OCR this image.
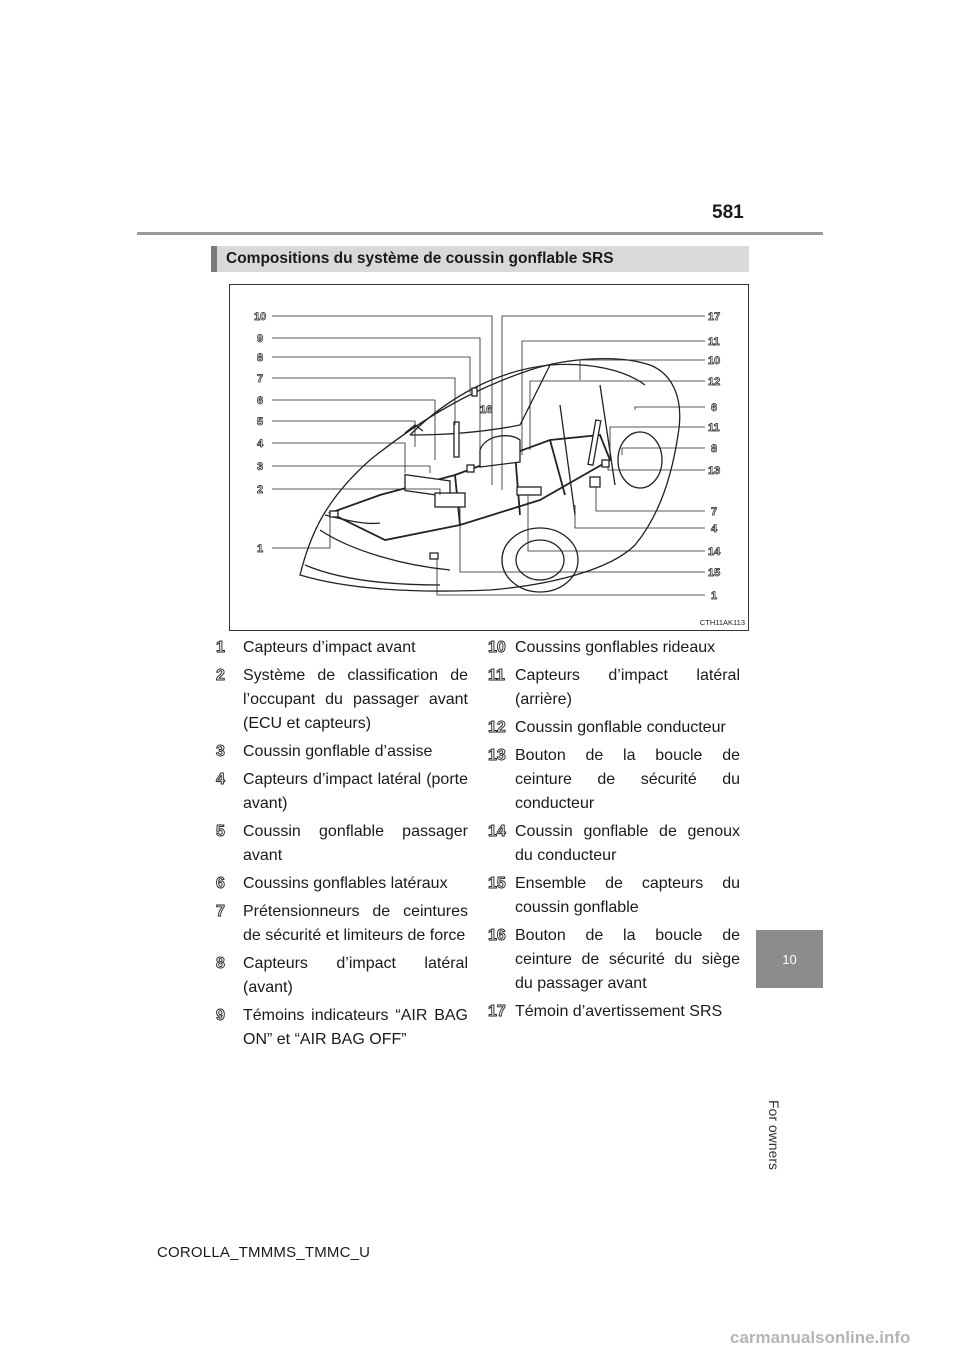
581
10
For owners
Compositions du système de coussin gonflable SRS
10
9
8
7
6
5
4
3
2
1
17
11
10
12
6
11
8
13
7
4
14
15
1
16
CTH11AK113
1	Capteurs d’impact avant
2	Système de classification de l’occupant du passager avant (ECU et capteurs)
3	Coussin gonflable d’assise
4	Capteurs d’impact latéral (porte avant)
5	Coussin gonflable passager avant
6	Coussins gonflables latéraux
7	Prétensionneurs de ceintures de sécurité et limiteurs de force
8	Capteurs d’impact latéral (avant)
9	Témoins indicateurs “AIR BAG ON” et “AIR BAG OFF”
10 Coussins gonflables rideaux
11 Capteurs d’impact latéral (arrière)
12 Coussin gonflable conducteur
13 Bouton de la boucle de ceinture de sécurité du conducteur
14 Coussin gonflable de genoux du conducteur
15 Ensemble de capteurs du coussin gonflable
16 Bouton de la boucle de ceinture de sécurité du siège du passager avant
17 Témoin d’avertissement SRS
COROLLA_TMMMS_TMMC_U
carmanualsonline.info
